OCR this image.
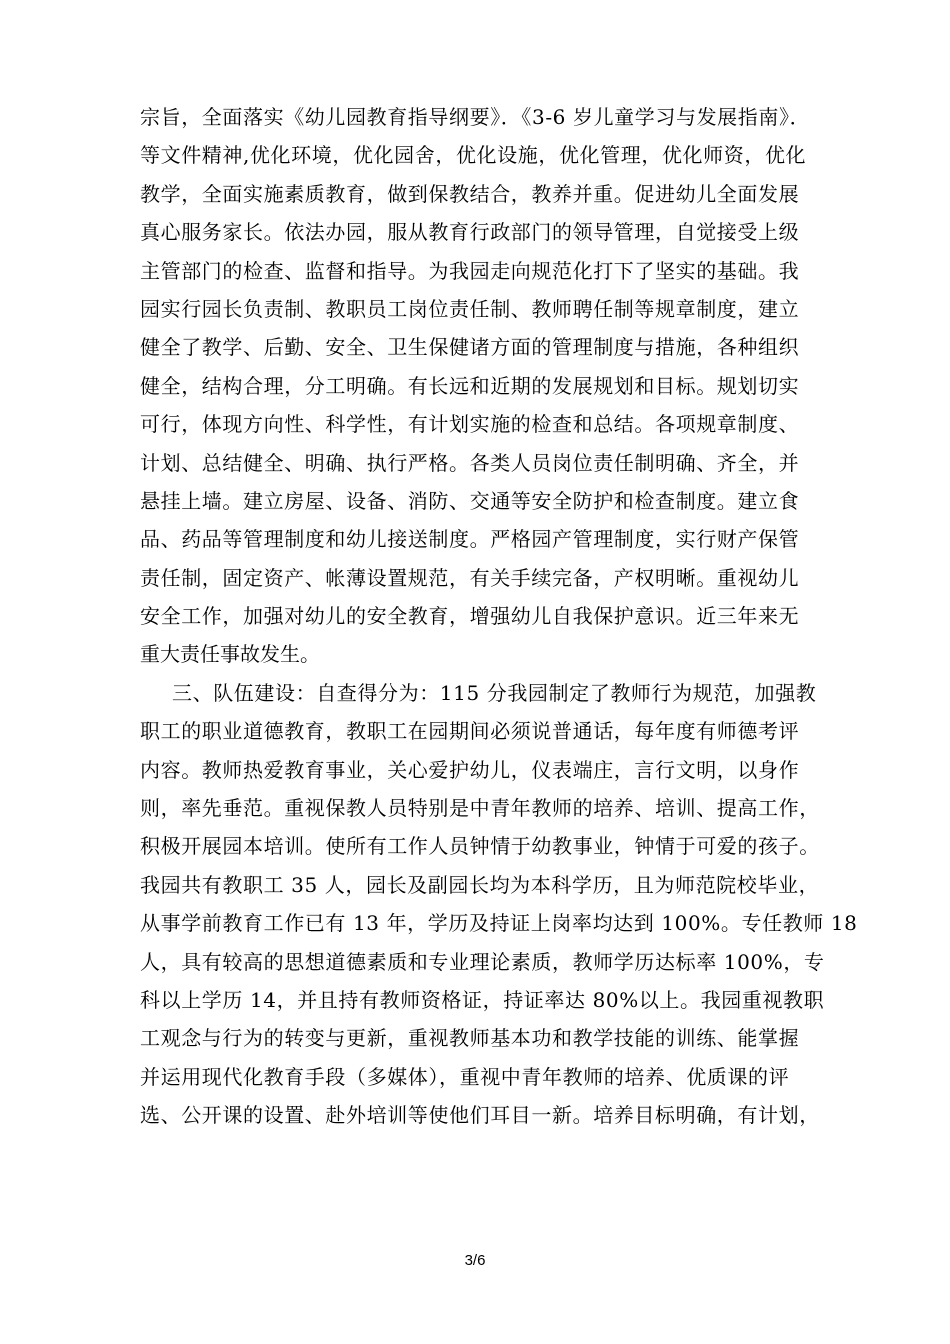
宗旨，全面落实《幼儿园教育指导纲要》．《3-6 岁儿童学习与发展指南》．
等文件精神,优化环境，优化园舍，优化设施，优化管理，优化师资，优化
教学，全面实施素质教育，做到保教结合，教养并重。促进幼儿全面发展
真心服务家长。依法办园，服从教育行政部门的领导管理，自觉接受上级
主管部门的检查、监督和指导。为我园走向规范化打下了坚实的基础。我
园实行园长负责制、教职员工岗位责任制、教师聘任制等规章制度，建立
健全了教学、后勤、安全、卫生保健诸方面的管理制度与措施，各种组织
健全，结构合理，分工明确。有长远和近期的发展规划和目标。规划切实
可行，体现方向性、科学性，有计划实施的检查和总结。各项规章制度、
计划、总结健全、明确、执行严格。各类人员岗位责任制明确、齐全，并
悬挂上墙。建立房屋、设备、消防、交通等安全防护和检查制度。建立食
品、药品等管理制度和幼儿接送制度。严格园产管理制度，实行财产保管
责任制，固定资产、帐薄设置规范，有关手续完备，产权明晰。重视幼儿
安全工作，加强对幼儿的安全教育，增强幼儿自我保护意识。近三年来无
重大责任事故发生。
三、队伍建设：自查得分为：115 分我园制定了教师行为规范，加强教
职工的职业道德教育，教职工在园期间必须说普通话，每年度有师德考评
内容。教师热爱教育事业，关心爱护幼儿，仪表端庄，言行文明，以身作
则，率先垂范。重视保教人员特别是中青年教师的培养、培训、提高工作，
积极开展园本培训。使所有工作人员钟情于幼教事业，钟情于可爱的孩子。
我园共有教职工 35 人，园长及副园长均为本科学历，且为师范院校毕业，
从事学前教育工作已有 13 年，学历及持证上岗率均达到 100%。专任教师 18
人，具有较高的思想道德素质和专业理论素质，教师学历达标率 100%，专
科以上学历 14，并且持有教师资格证，持证率达 80%以上。我园重视教职
工观念与行为的转变与更新，重视教师基本功和教学技能的训练、能掌握
并运用现代化教育手段（多媒体），重视中青年教师的培养、优质课的评
选、公开课的设置、赴外培训等使他们耳目一新。培养目标明确，有计划，
3/6
